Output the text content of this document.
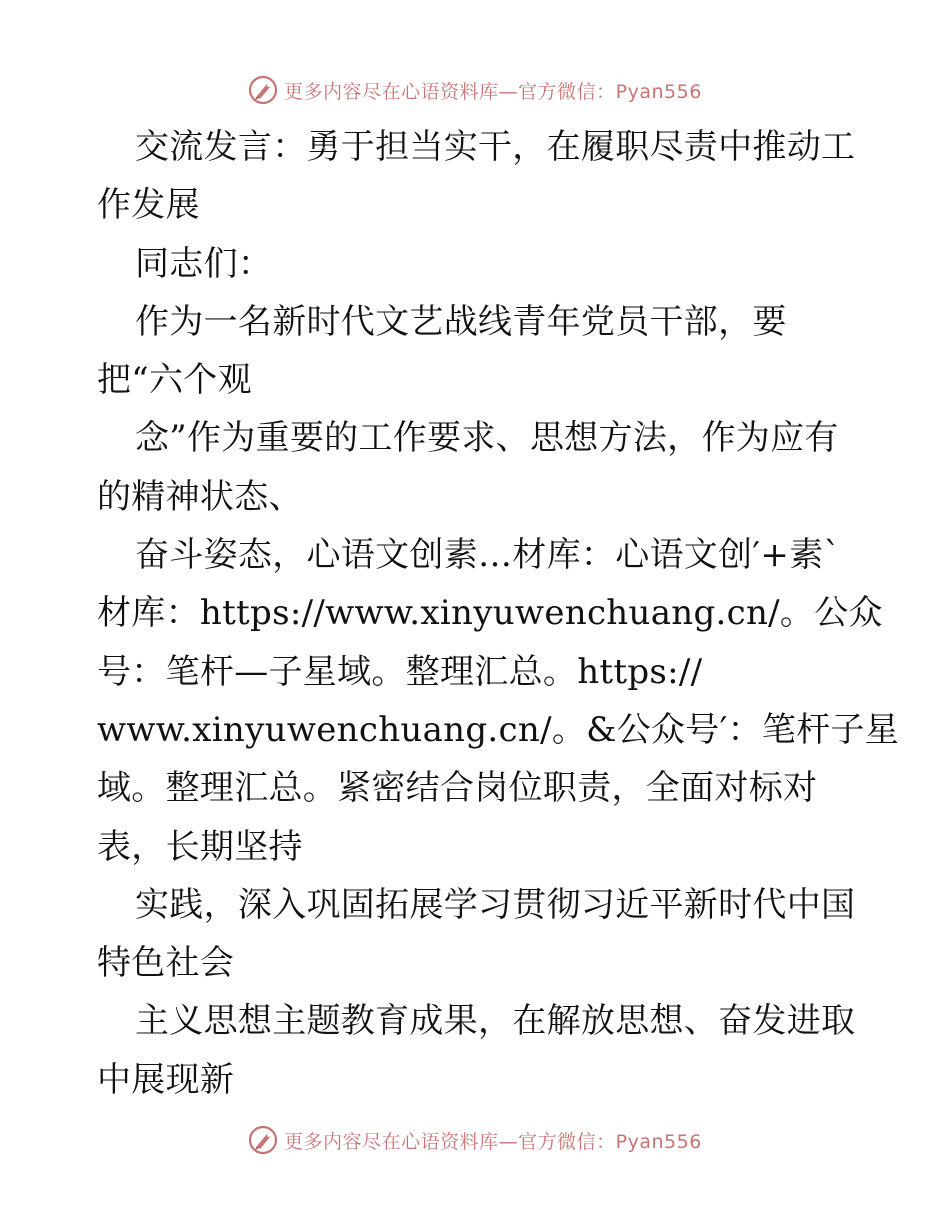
更多内容尽在心语资料库—官方微信：Pyan556
交流发言：勇于担当实干，在履职尽责中推动工
作发展
同志们：
作为一名新时代文艺战线青年党员干部，要
把“六个观
念”作为重要的工作要求、思想方法，作为应有
的精神状态、
奋斗姿态，心语文创素…材库：心语文创′+素`
材库：https://www.xinyuwenchuang.cn/。公众
号：笔杆—子星域。整理汇总。https://
www.xinyuwenchuang.cn/。&公众号′：笔杆子星
域。整理汇总。紧密结合岗位职责，全面对标对
表，长期坚持
实践，深入巩固拓展学习贯彻习近平新时代中国
特色社会
主义思想主题教育成果，在解放思想、奋发进取
中展现新
更多内容尽在心语资料库—官方微信：Pyan556
